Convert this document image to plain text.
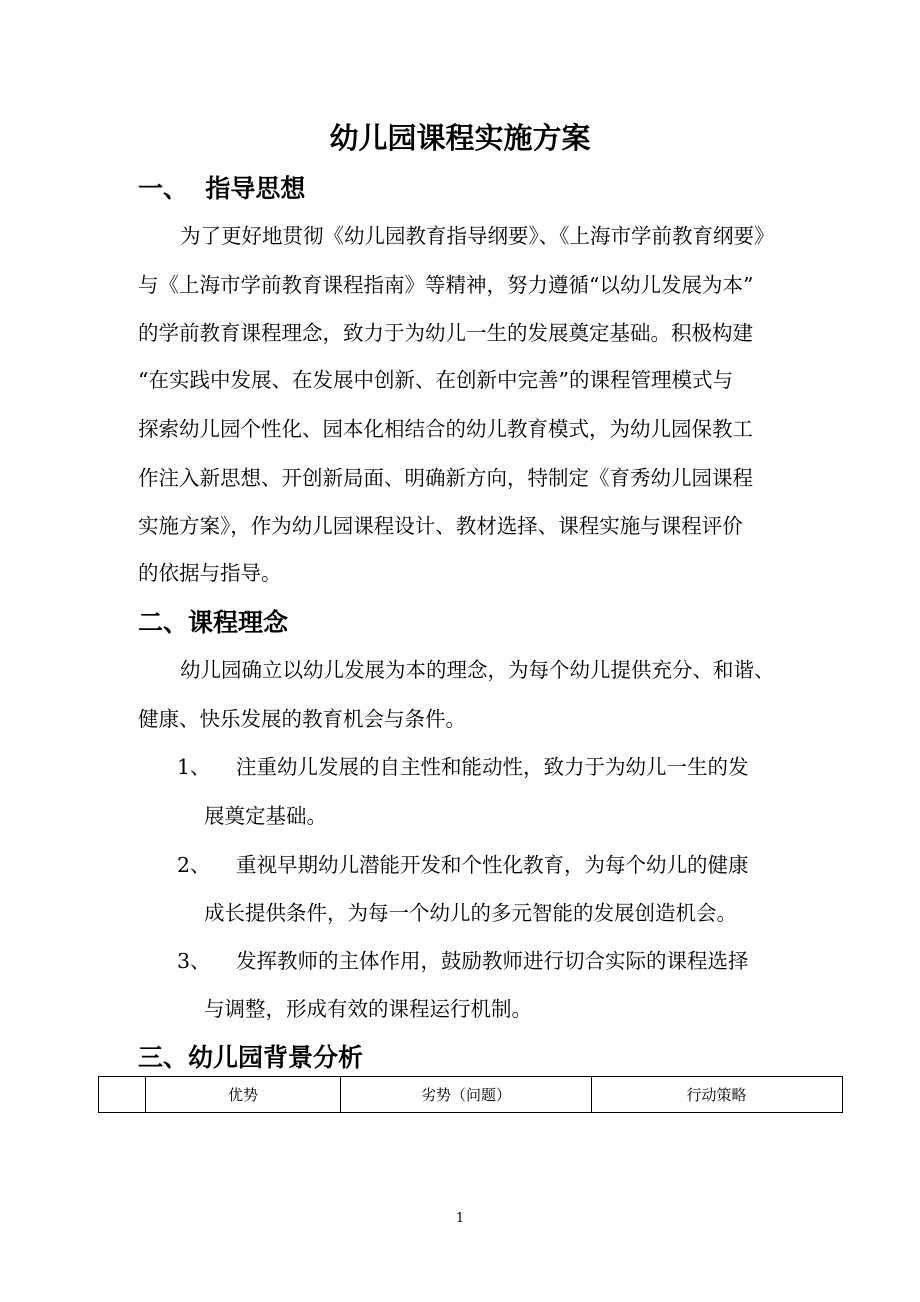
幼儿园课程实施方案
一、  指导思想
为了更好地贯彻《幼儿园教育指导纲要》、《上海市学前教育纲要》
与《上海市学前教育课程指南》等精神，努力遵循“以幼儿发展为本”
的学前教育课程理念，致力于为幼儿一生的发展奠定基础。积极构建
“在实践中发展、在发展中创新、在创新中完善”的课程管理模式与
探索幼儿园个性化、园本化相结合的幼儿教育模式，为幼儿园保教工
作注入新思想、开创新局面、明确新方向，特制定《育秀幼儿园课程
实施方案》，作为幼儿园课程设计、教材选择、课程实施与课程评价
的依据与指导。
二、课程理念
幼儿园确立以幼儿发展为本的理念，为每个幼儿提供充分、和谐、
健康、快乐发展的教育机会与条件。
1、 注重幼儿发展的自主性和能动性，致力于为幼儿一生的发
展奠定基础。
2、 重视早期幼儿潜能开发和个性化教育，为每个幼儿的健康
成长提供条件，为每一个幼儿的多元智能的发展创造机会。
3、 发挥教师的主体作用，鼓励教师进行切合实际的课程选择
与调整，形成有效的课程运行机制。
三、幼儿园背景分析
优势	劣势（问题）	行动策略
1
